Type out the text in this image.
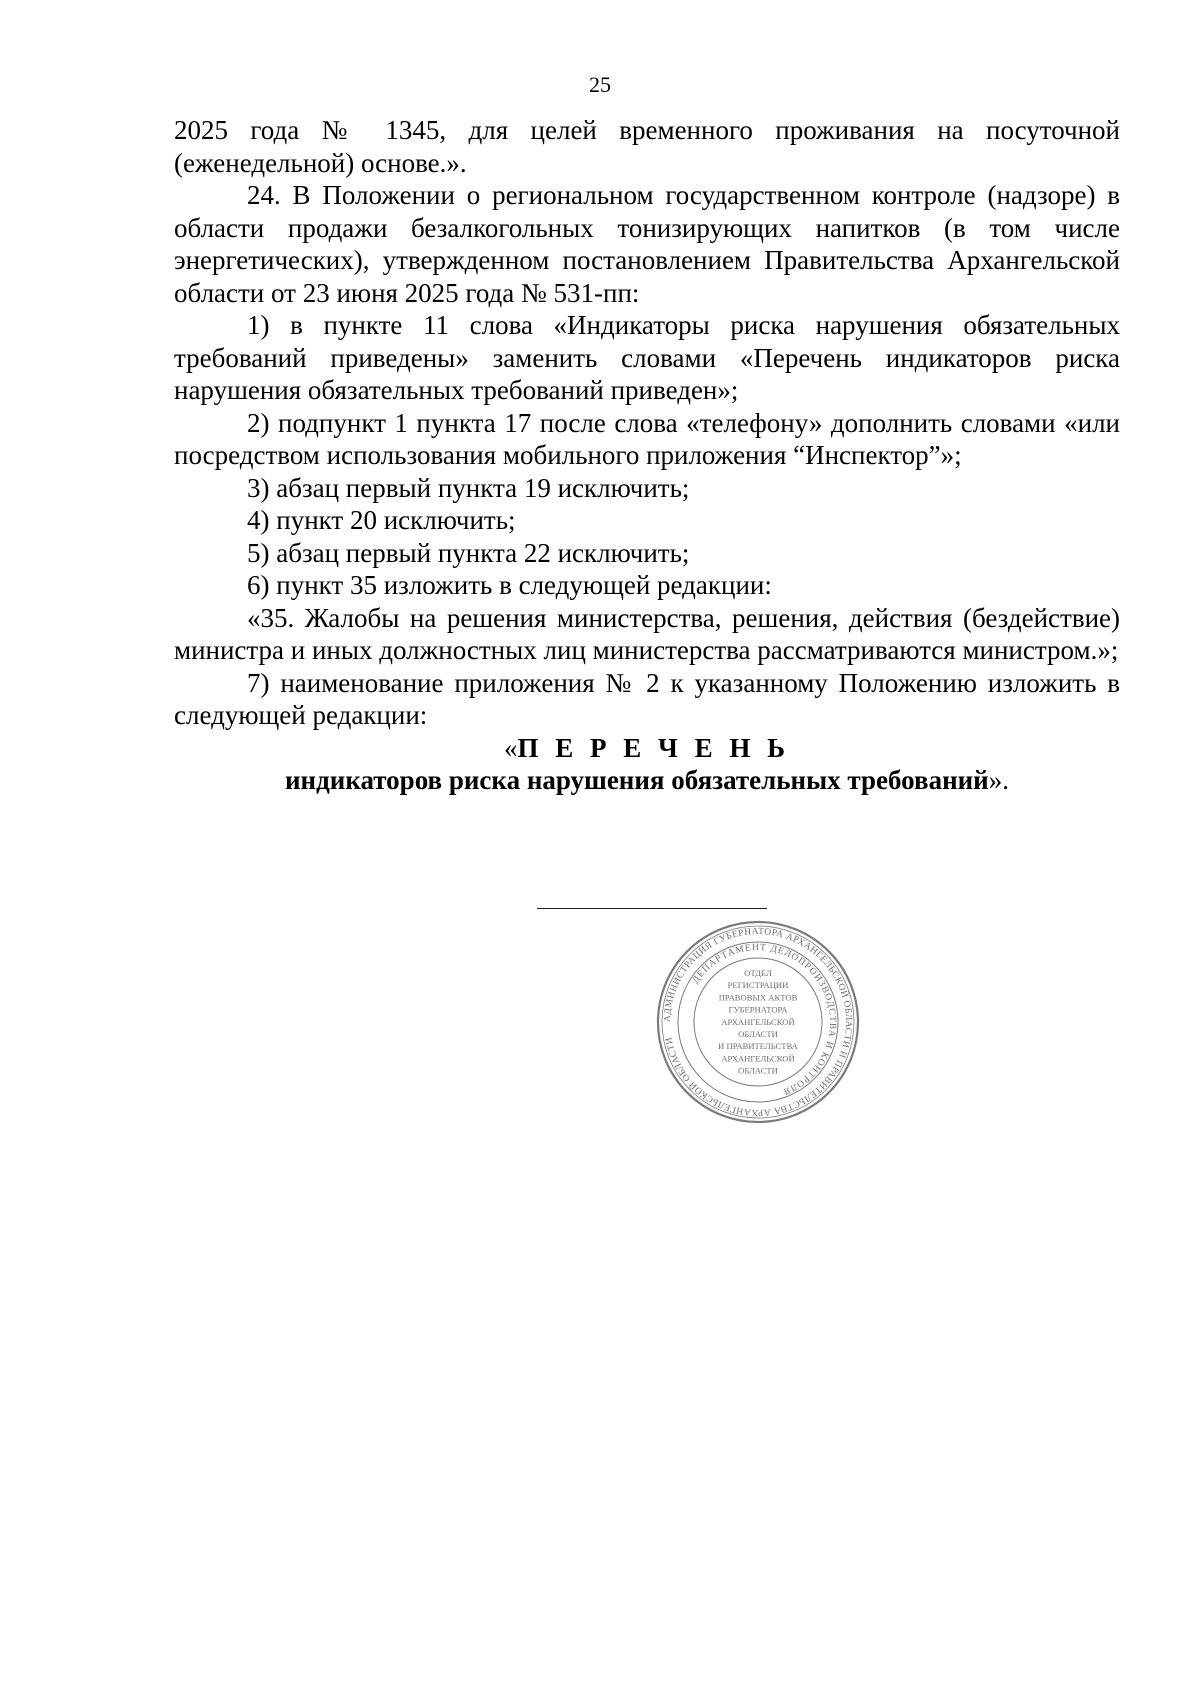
25

2025 года № 1345, для целей временного проживания на посуточной (еженедельной) основе.».

24. В Положении о региональном государственном контроле (надзоре) в области продажи безалкогольных тонизирующих напитков (в том числе энергетических), утвержденном постановлением Правительства Архангельской области от 23 июня 2025 года № 531-пп:

1) в пункте 11 слова «Индикаторы риска нарушения обязательных требований приведены» заменить словами «Перечень индикаторов риска нарушения обязательных требований приведен»;

2) подпункт 1 пункта 17 после слова «телефону» дополнить словами «или посредством использования мобильного приложения “Инспектор”»;

3) абзац первый пункта 19 исключить;

4) пункт 20 исключить;

5) абзац первый пункта 22 исключить;

6) пункт 35 изложить в следующей редакции:

«35. Жалобы на решения министерства, решения, действия (бездействие) министра и иных должностных лиц министерства рассматриваются министром.»;

7) наименование приложения № 2 к указанному Положению изложить в следующей редакции:

«П Е Р Е Ч Е Н Ь

индикаторов риска нарушения обязательных требований».

АДМИНИСТРАЦИЯ ГУБЕРНАТОРА АРХАНГЕЛЬСКОЙ ОБЛАСТИ И ПРАВИТЕЛЬСТВА АРХАНГЕЛЬСКОЙ ОБЛАСТИ
ДЕПАРТАМЕНТ ДЕЛОПРОИЗВОДСТВА И КОНТРОЛЯ
ОТДЕЛ
РЕГИСТРАЦИИ
ПРАВОВЫХ АКТОВ
ГУБЕРНАТОРА
АРХАНГЕЛЬСКОЙ
ОБЛАСТИ
И ПРАВИТЕЛЬСТВА
АРХАНГЕЛЬСКОЙ
ОБЛАСТИ
